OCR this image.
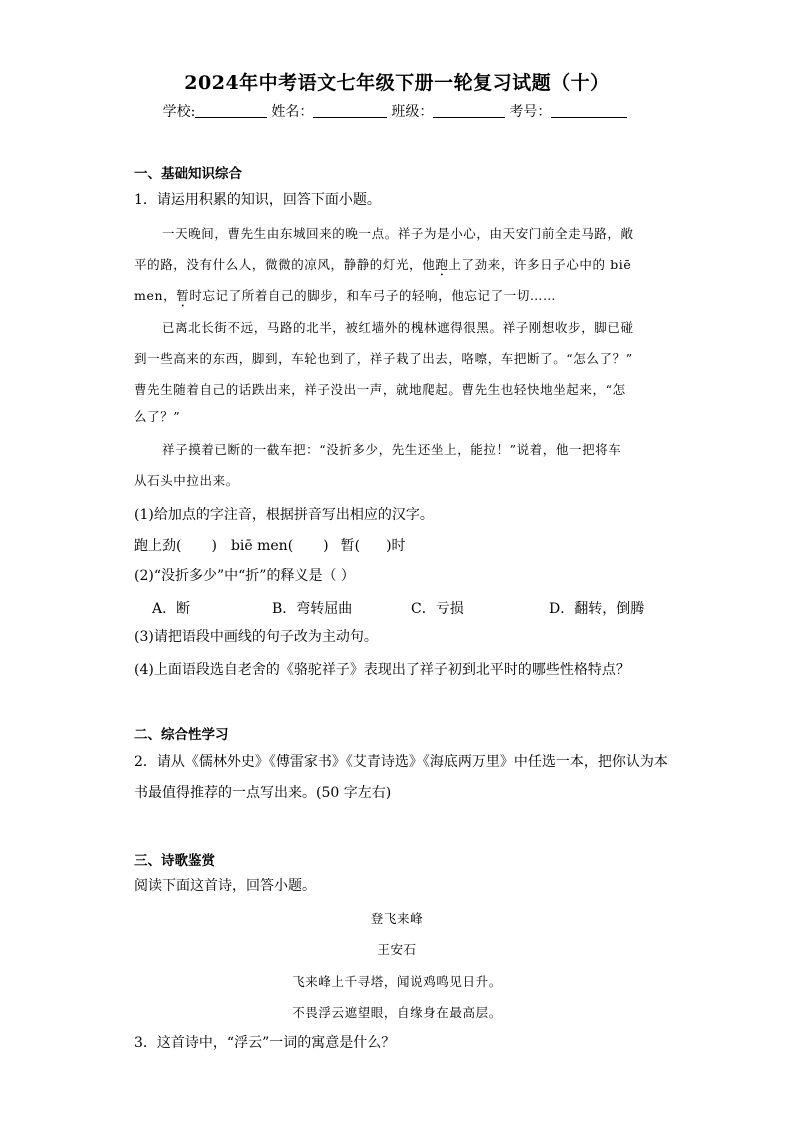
2024年中考语文七年级下册一轮复习试题（十）
学校:	姓名：	班级：	考号：
一、基础知识综合
1．请运用积累的知识，回答下面小题。
一天晚间，曹先生由东城回来的晚一点。祥子为是小心，由天安门前全走马路，敞
平的路，没有什么人，微微的凉风，静静的灯光，他跑上了劲来，许多日子心中的 biē
men，暂时忘记了所着自己的脚步，和车弓子的轻响，他忘记了一切……
已离北长街不远，马路的北半，被红墙外的槐林遮得很黑。祥子刚想收步，脚已碰
到一些高来的东西，脚到，车轮也到了，祥子栽了出去，咯嚓，车把断了。“怎么了？”
曹先生随着自己的话跌出来，祥子没出一声，就地爬起。曹先生也轻快地坐起来，“怎
么了？”
祥子摸着已断的一截车把：“没折多少，先生还坐上，能拉！”说着，他一把将车
从石头中拉出来。
(1)给加点的字注音，根据拼音写出相应的汉字。
跑上劲( ) biē men( ) 暂( )时
(2)“没折多少”中“折”的释义是（ ）
A．断	B．弯转屈曲	C．亏损	D．翻转，倒腾
(3)请把语段中画线的句子改为主动句。
(4)上面语段选自老舍的《骆驼祥子》表现出了祥子初到北平时的哪些性格特点？
二、综合性学习
2．请从《儒林外史》《傅雷家书》《艾青诗选》《海底两万里》中任选一本，把你认为本
书最值得推荐的一点写出来。(50 字左右)
三、诗歌鉴赏
阅读下面这首诗，回答小题。
登飞来峰
王安石
飞来峰上千寻塔，闻说鸡鸣见日升。
不畏浮云遮望眼，自缘身在最高层。
3．这首诗中，“浮云”一词的寓意是什么？
